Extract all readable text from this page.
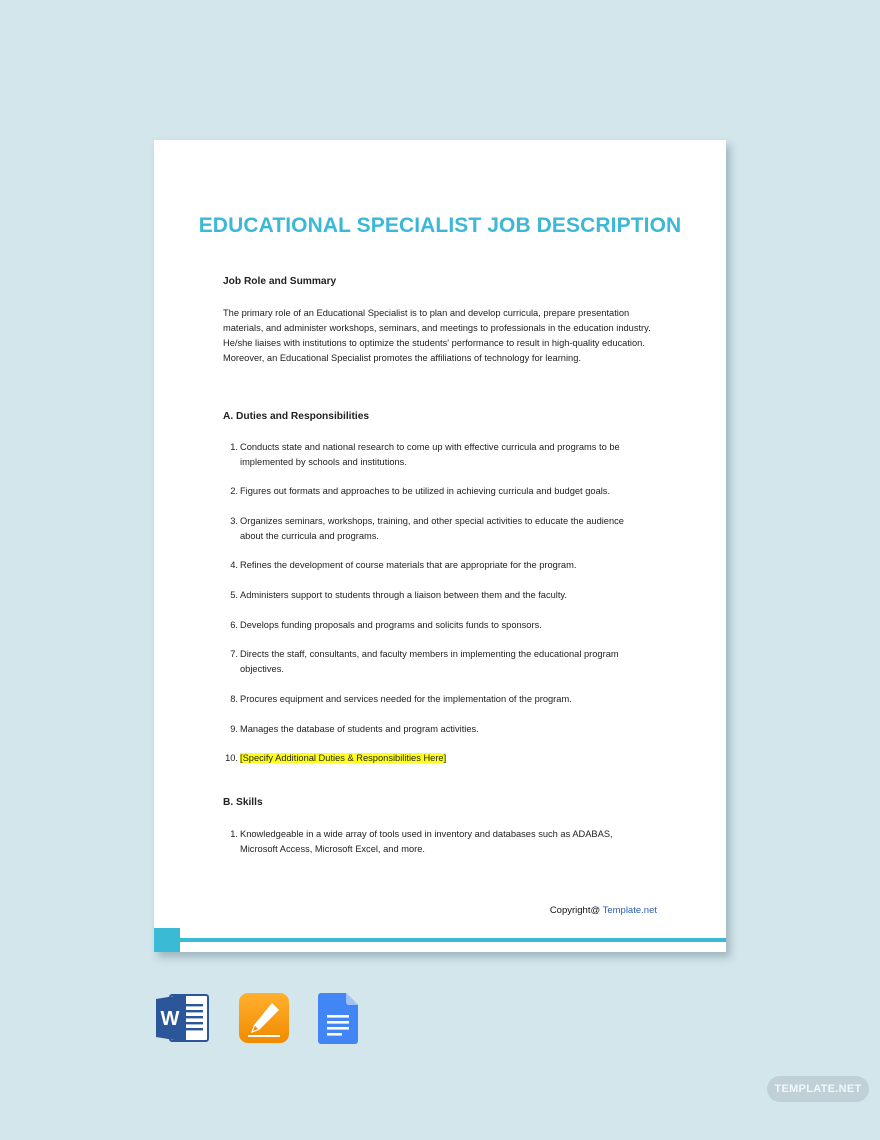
EDUCATIONAL SPECIALIST JOB DESCRIPTION
Job Role and Summary
The primary role of an Educational Specialist is to plan and develop curricula, prepare presentation materials, and administer workshops, seminars, and meetings to professionals in the education industry. He/she liaises with institutions to optimize the students' performance to result in high-quality education. Moreover, an Educational Specialist promotes the affiliations of technology for learning.
A. Duties and Responsibilities
1. Conducts state and national research to come up with effective curricula and programs to be implemented by schools and institutions.
2. Figures out formats and approaches to be utilized in achieving curricula and budget goals.
3. Organizes seminars, workshops, training, and other special activities to educate the audience about the curricula and programs.
4. Refines the development of course materials that are appropriate for the program.
5. Administers support to students through a liaison between them and the faculty.
6. Develops funding proposals and programs and solicits funds to sponsors.
7. Directs the staff, consultants, and faculty members in implementing the educational program objectives.
8. Procures equipment and services needed for the implementation of the program.
9. Manages the database of students and program activities.
10. [Specify Additional Duties & Responsibilities Here]
B. Skills
1. Knowledgeable in a wide array of tools used in inventory and databases such as ADABAS, Microsoft Access, Microsoft Excel, and more.
Copyright@ Template.net
W
TEMPLATE.NET
